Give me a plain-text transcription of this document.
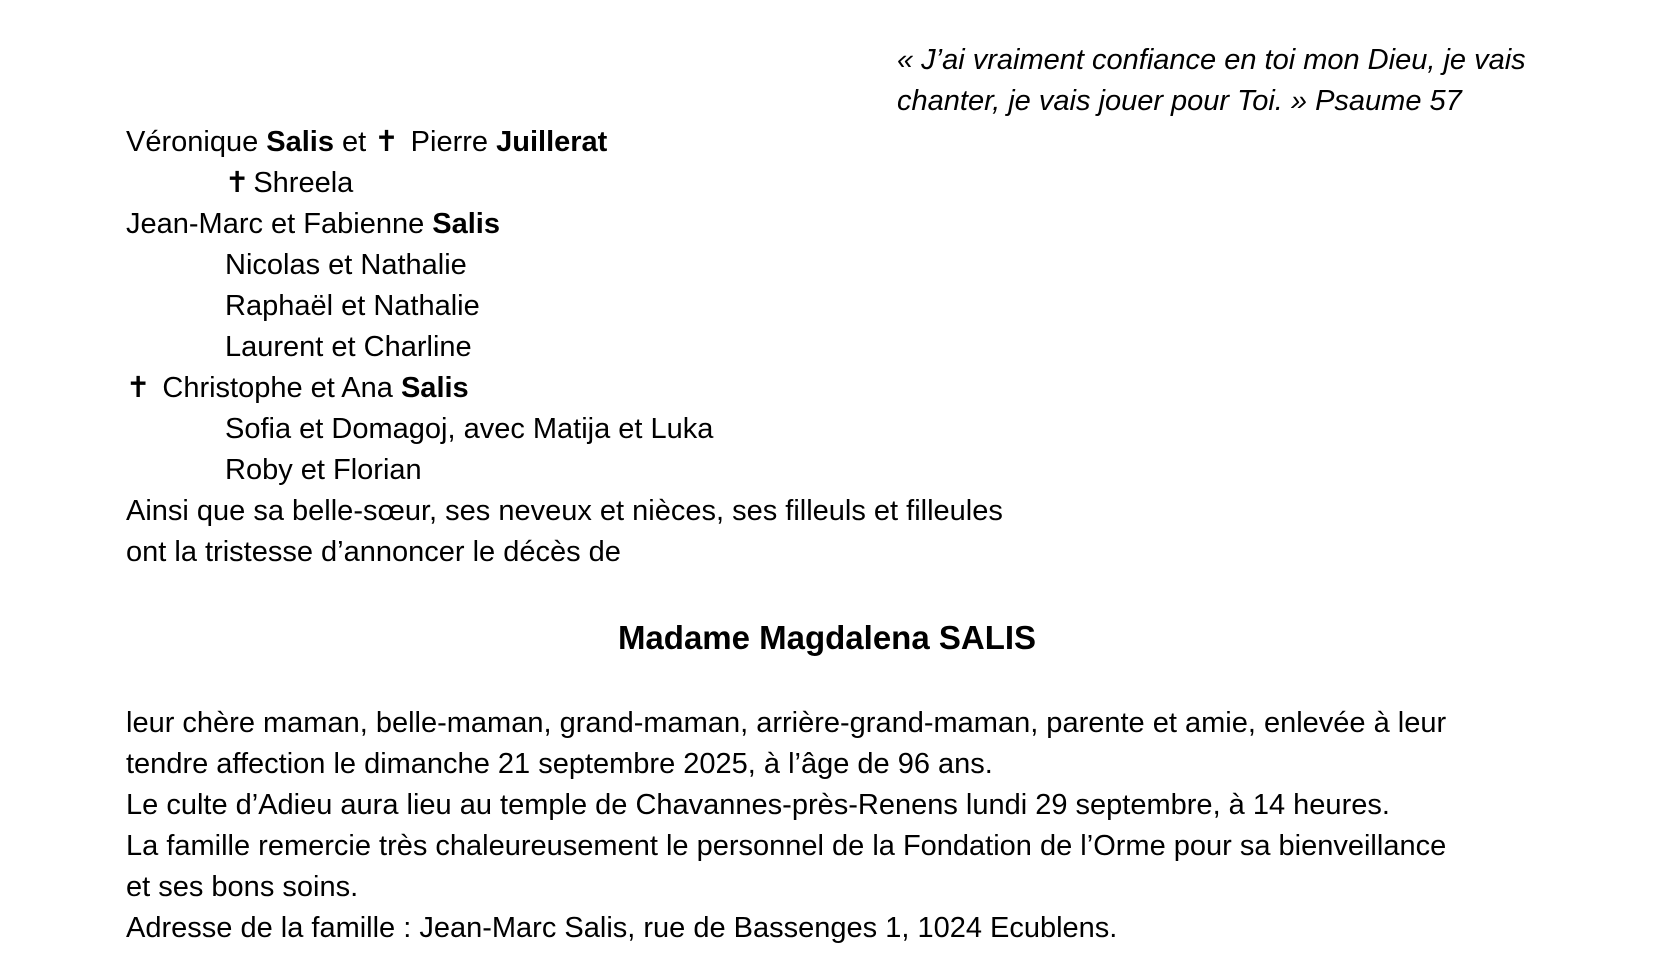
« J’ai vraiment confiance en toi mon Dieu, je vais
chanter, je vais jouer pour Toi. » Psaume 57
Véronique Salis et ✝ Pierre Juillerat
✝ Shreela
Jean-Marc et Fabienne Salis
Nicolas et Nathalie
Raphaël et Nathalie
Laurent et Charline
✝ Christophe et Ana Salis
Sofia et Domagoj, avec Matija et Luka
Roby et Florian
Ainsi que sa belle-sœur, ses neveux et nièces, ses filleuls et filleules
ont la tristesse d’annoncer le décès de
Madame Magdalena SALIS
leur chère maman, belle-maman, grand-maman, arrière-grand-maman, parente et amie, enlevée à leur
tendre affection le dimanche 21 septembre 2025, à l’âge de 96 ans.
Le culte d’Adieu aura lieu au temple de Chavannes-près-Renens lundi 29 septembre, à 14 heures.
La famille remercie très chaleureusement le personnel de la Fondation de l’Orme pour sa bienveillance
et ses bons soins.
Adresse de la famille : Jean-Marc Salis, rue de Bassenges 1, 1024 Ecublens.
